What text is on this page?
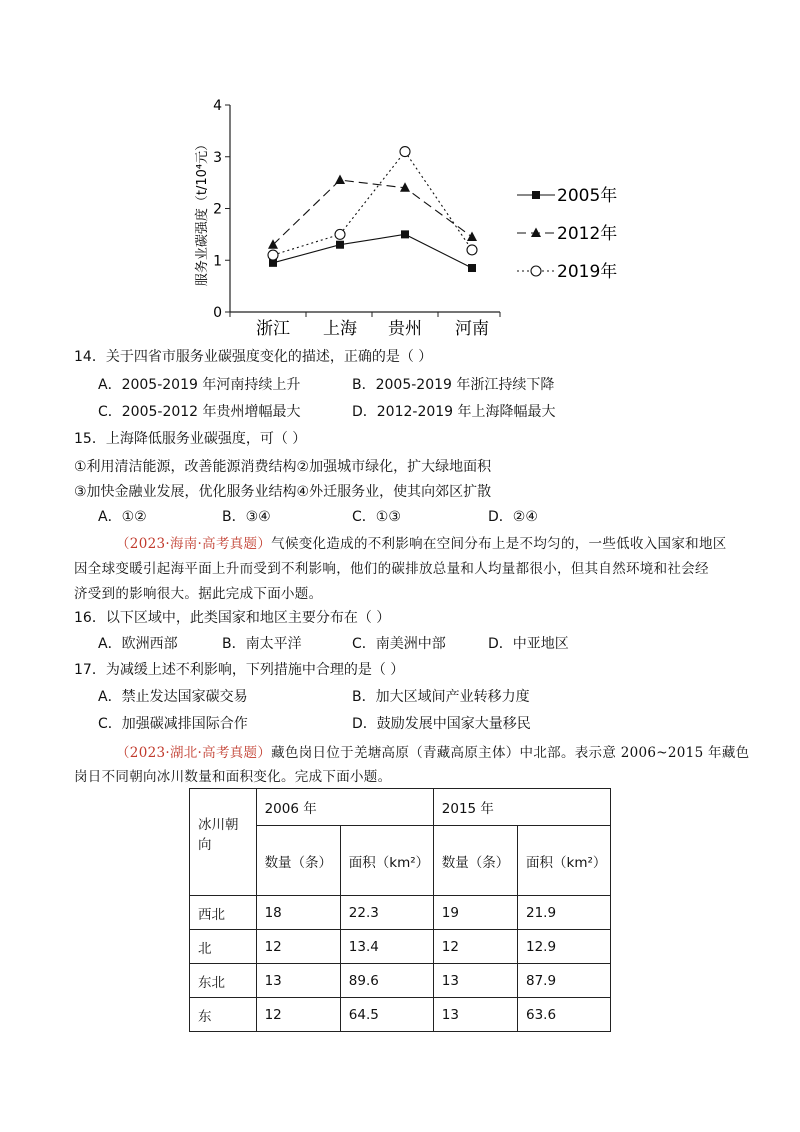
0
1
2
3
4
浙江 上海 贵州 河南
2005年
2012年
2019年
服务业碳强度（t/10⁴元）
14．关于四省市服务业碳强度变化的描述，正确的是（ ）
A．2005-2019 年河南持续上升	B．2005-2019 年浙江持续下降
C．2005-2012 年贵州增幅最大	D．2012-2019 年上海降幅最大
15．上海降低服务业碳强度，可（ ）
①利用清洁能源，改善能源消费结构②加强城市绿化，扩大绿地面积
③加快金融业发展，优化服务业结构④外迁服务业，使其向郊区扩散
A．①②	B．③④	C．①③	D．②④
（2023·海南·高考真题）气候变化造成的不利影响在空间分布上是不均匀的，一些低收入国家和地区
因全球变暖引起海平面上升而受到不利影响，他们的碳排放总量和人均量都很小，但其自然环境和社会经
济受到的影响很大。据此完成下面小题。
16．以下区域中，此类国家和地区主要分布在（ ）
A．欧洲西部	B．南太平洋	C．南美洲中部	D．中亚地区
17．为减缓上述不利影响，下列措施中合理的是（ ）
A．禁止发达国家碳交易	B．加大区域间产业转移力度
C．加强碳减排国际合作	D．鼓励发展中国家大量移民
（2023·湖北·高考真题）藏色岗日位于羌塘高原（青藏高原主体）中北部。表示意 2006~2015 年藏色
岗日不同朝向冰川数量和面积变化。完成下面小题。
冰川朝向	2006 年		2015 年	
	数量（条）	面积（km²）	数量（条）	面积（km²）
西北	18	22.3	19	21.9
北	12	13.4	12	12.9
东北	13	89.6	13	87.9
东	12	64.5	13	63.6
